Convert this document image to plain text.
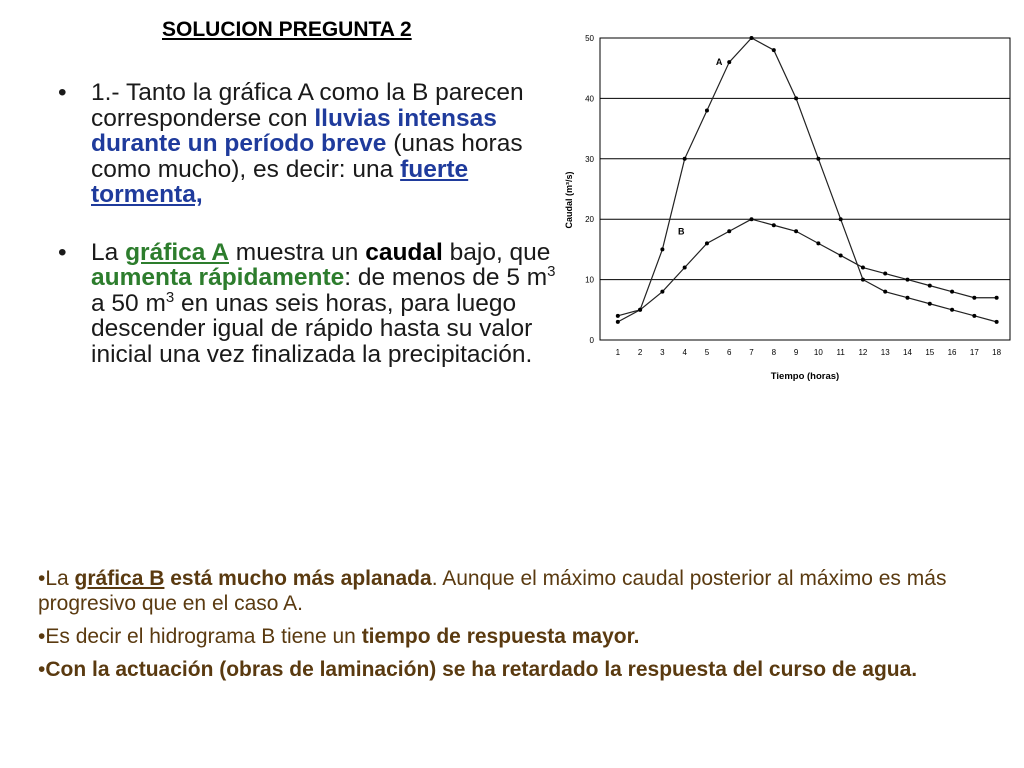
SOLUCION PREGUNTA 2
• 1.- Tanto la gráfica A como la B parecen corresponderse con lluvias intensas durante un período breve (unas horas como mucho), es decir: una fuerte tormenta,
• La gráfica A muestra un caudal bajo, que aumenta rápidamente: de menos de 5 $m^3$ a 50 $m^3$ en unas seis horas, para luego descender igual de rápido hasta su valor inicial una vez finalizada la precipitación.	0
10
20
30
40
50
1 2 3 4 5 6 7 8 9 10 11 12 13 14 15 16 17 18
A
B
Caudal (m³/s)
Tiempo (horas)

•La gráfica B está mucho más aplanada. Aunque el máximo caudal posterior al máximo es más progresivo que en el caso A.

•Es decir el hidrograma B tiene un tiempo de respuesta mayor.

•Con la actuación (obras de laminación) se ha retardado la respuesta del curso de agua.
